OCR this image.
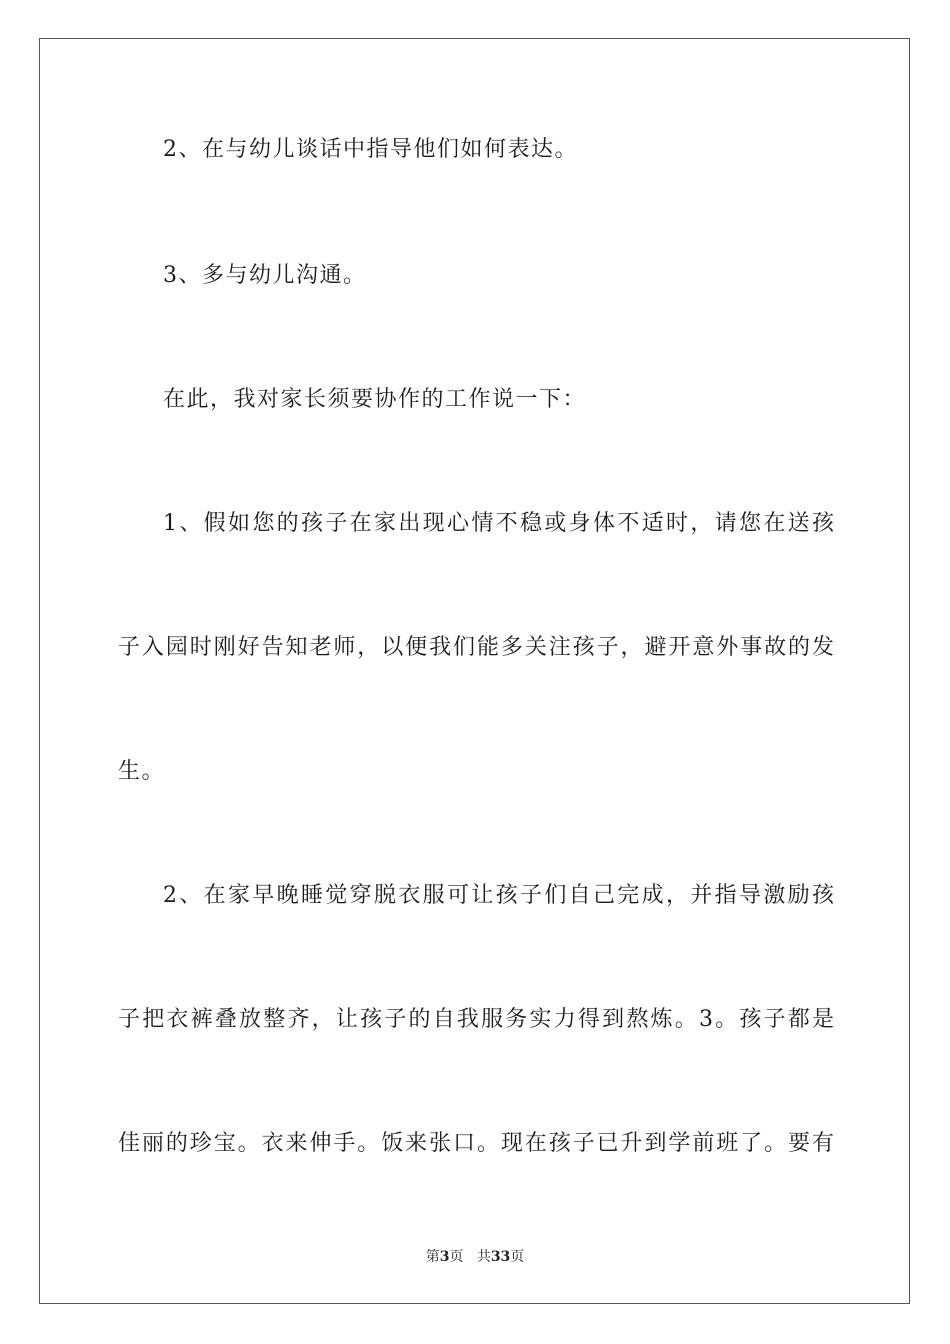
2、在与幼儿谈话中指导他们如何表达。
3、多与幼儿沟通。
在此，我对家长须要协作的工作说一下：
1、假如您的孩子在家出现心情不稳或身体不适时，请您在送孩
子入园时刚好告知老师，以便我们能多关注孩子，避开意外事故的发
生。
2、在家早晚睡觉穿脱衣服可让孩子们自己完成，并指导激励孩
子把衣裤叠放整齐，让孩子的自我服务实力得到熬炼。3。孩子都是
佳丽的珍宝。衣来伸手。饭来张口。现在孩子已升到学前班了。要有
第3页 共33页
